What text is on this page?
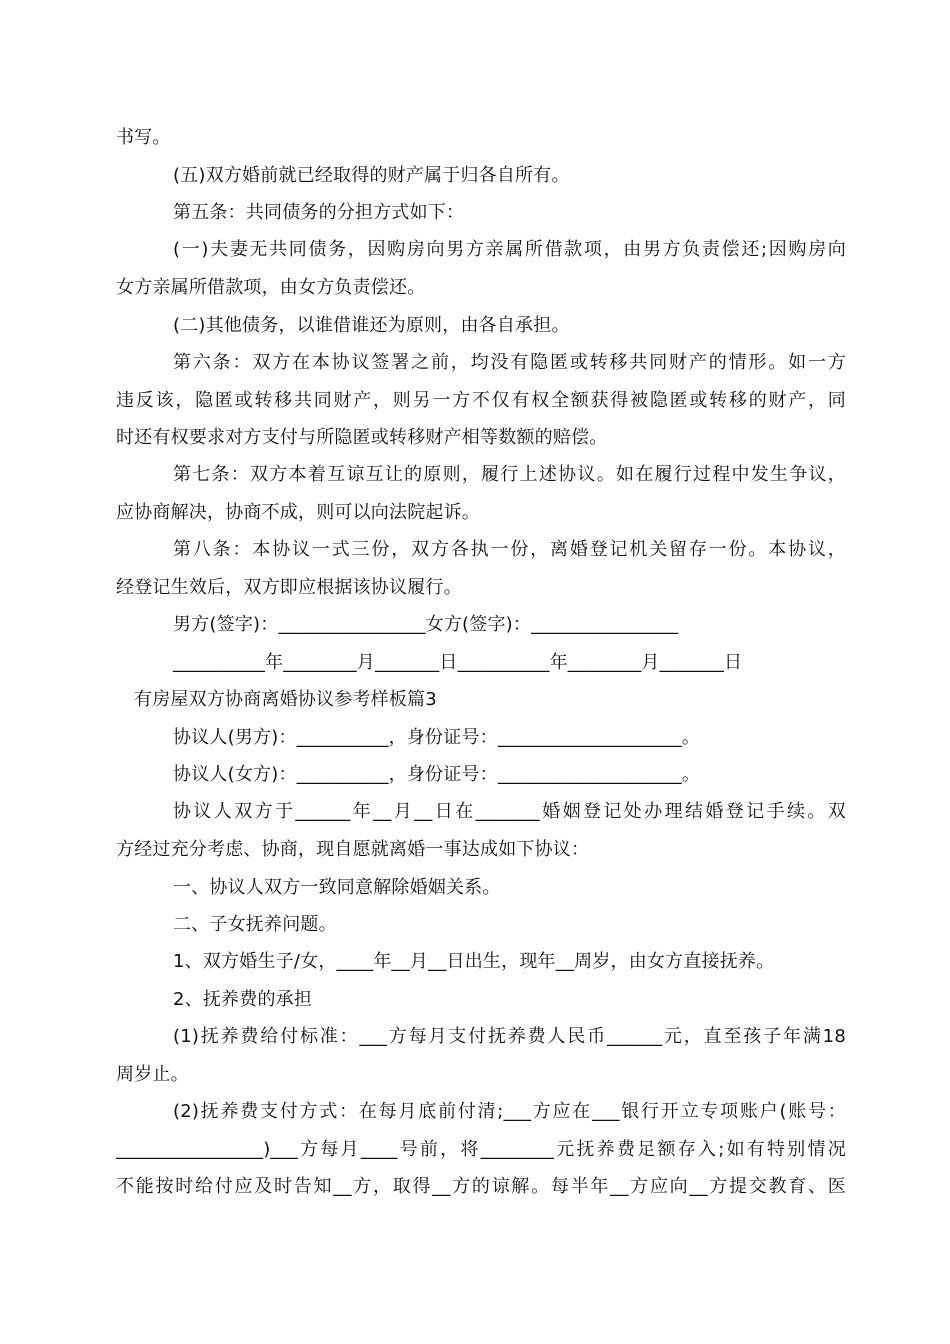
书写。

(五)双方婚前就已经取得的财产属于归各自所有。

第五条：共同债务的分担方式如下：

(一)夫妻无共同债务，因购房向男方亲属所借款项，由男方负责偿还;因购房向

女方亲属所借款项，由女方负责偿还。

(二)其他债务，以谁借谁还为原则，由各自承担。

第六条：双方在本协议签署之前，均没有隐匿或转移共同财产的情形。如一方

违反该，隐匿或转移共同财产，则另一方不仅有权全额获得被隐匿或转移的财产，同

时还有权要求对方支付与所隐匿或转移财产相等数额的赔偿。

第七条：双方本着互谅互让的原则，履行上述协议。如在履行过程中发生争议，

应协商解决，协商不成，则可以向法院起诉。

第八条：本协议一式三份，双方各执一份，离婚登记机关留存一份。本协议，

经登记生效后，双方即应根据该协议履行。

男方(签字)：________________女方(签字)：________________

__________年________月_______日__________年________月_______日

有房屋双方协商离婚协议参考样板篇3

协议人(男方)：__________，身份证号：____________________。

协议人(女方)：__________，身份证号：____________________。

协议人双方于______年__月__日在_______婚姻登记处办理结婚登记手续。双

方经过充分考虑、协商，现自愿就离婚一事达成如下协议：

一、协议人双方一致同意解除婚姻关系。

二、子女抚养问题。

1、双方婚生子/女，____年__月__日出生，现年__周岁，由女方直接抚养。

2、抚养费的承担

(1)抚养费给付标准：___方每月支付抚养费人民币______元，直至孩子年满18

周岁止。

(2)抚养费支付方式：在每月底前付清;___方应在___银行开立专项账户(账号：

________________)___方每月____号前，将________元抚养费足额存入;如有特别情况

不能按时给付应及时告知__方，取得__方的谅解。每半年__方应向__方提交教育、医
